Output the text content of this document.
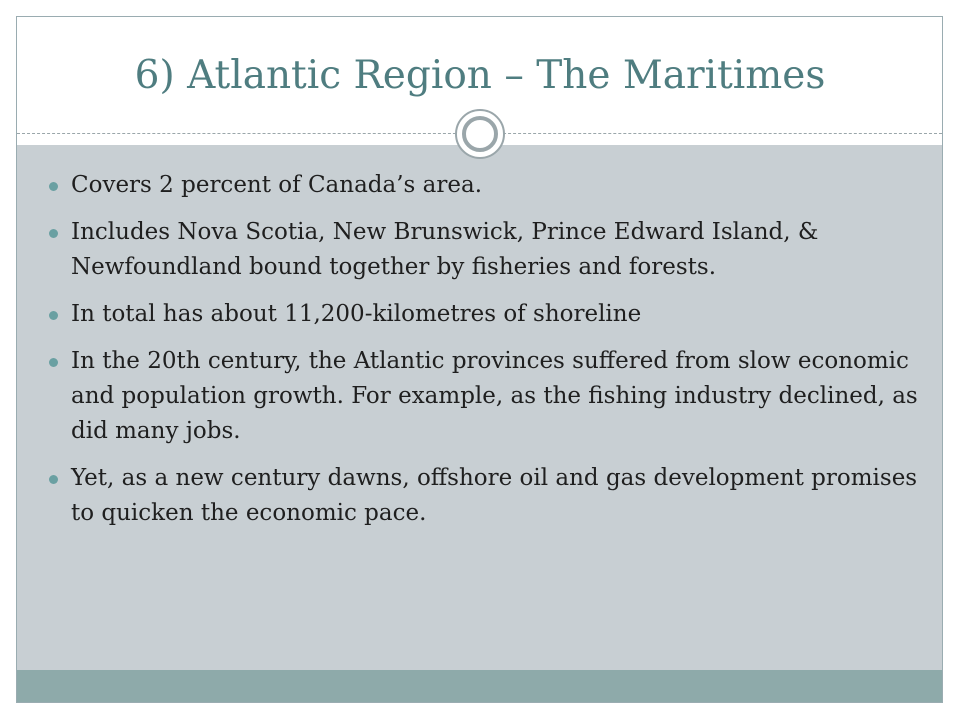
6) Atlantic Region – The Maritimes
Covers 2 percent of Canada’s area.
Includes Nova Scotia, New Brunswick, Prince Edward Island, & Newfoundland bound together by fisheries and forests.
In total has about 11,200-kilometres of shoreline
In the 20th century, the Atlantic provinces suffered from slow economic and population growth. For example, as the fishing industry declined, as did many jobs.
Yet, as a new century dawns, offshore oil and gas development promises to quicken the economic pace.
